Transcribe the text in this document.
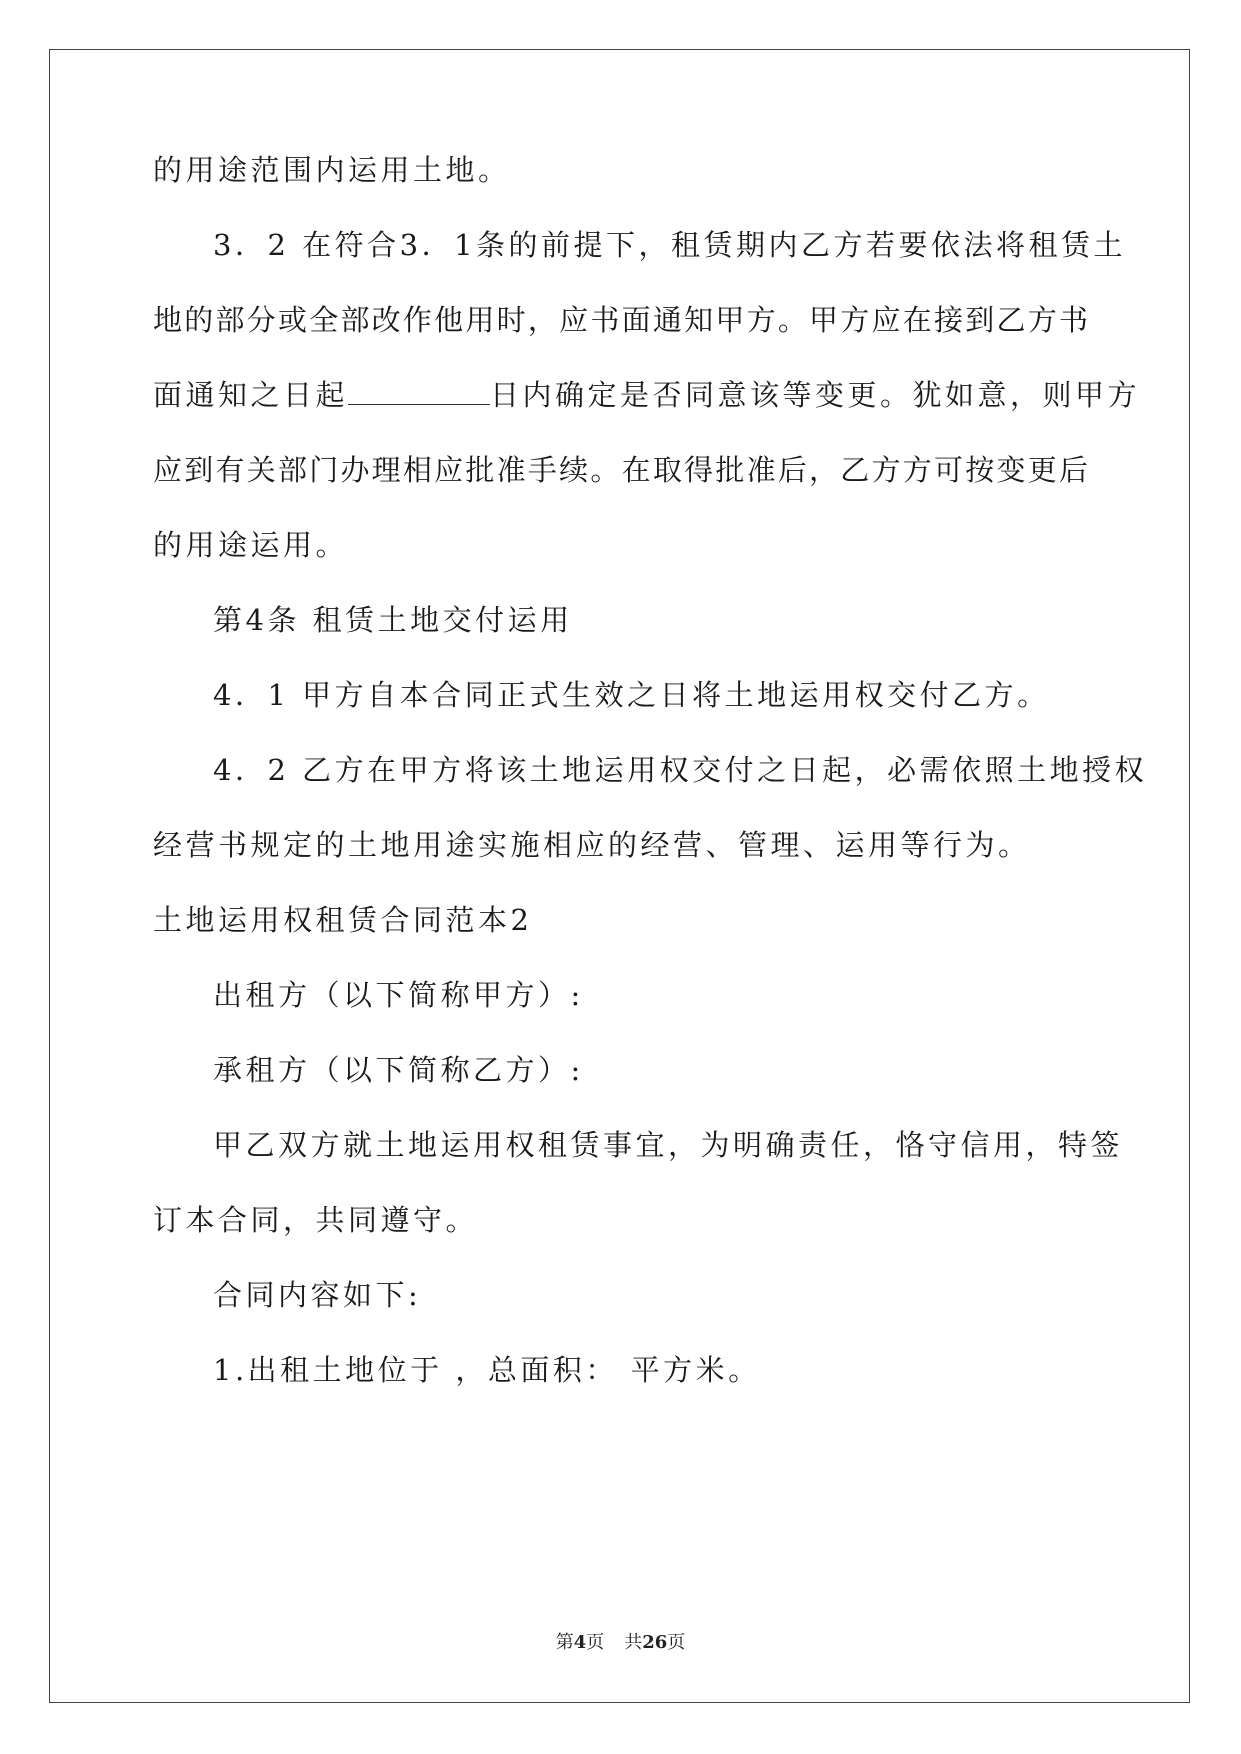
的用途范围内运用土地。
3．2 在符合3．1条的前提下，租赁期内乙方若要依法将租赁土
地的部分或全部改作他用时，应书面通知甲方。甲方应在接到乙方书
面通知之日起	日内确定是否同意该等变更。犹如意，则甲方
应到有关部门办理相应批准手续。在取得批准后，乙方方可按变更后
的用途运用。
第4条 租赁土地交付运用
4．1 甲方自本合同正式生效之日将土地运用权交付乙方。
4．2 乙方在甲方将该土地运用权交付之日起，必需依照土地授权
经营书规定的土地用途实施相应的经营、管理、运用等行为。
土地运用权租赁合同范本2
出租方（以下简称甲方）:
承租方（以下简称乙方）:
甲乙双方就土地运用权租赁事宜，为明确责任，恪守信用，特签
订本合同，共同遵守。
合同内容如下:
1.出租土地位于 ，总面积： 平方米。
第4页 共26页
